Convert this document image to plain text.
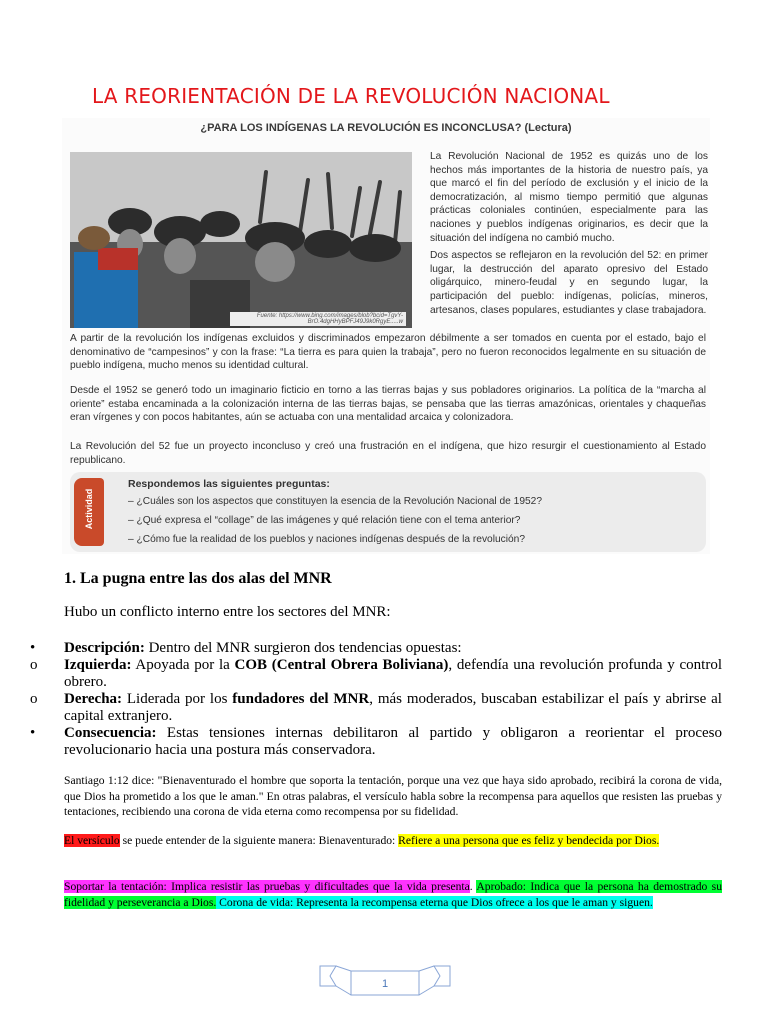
LA REORIENTACIÓN DE LA REVOLUCIÓN NACIONAL
¿PARA LOS INDÍGENAS LA REVOLUCIÓN ES INCONCLUSA? (Lectura)
Fuente: https://www.bing.com/images/blob?bcid=TgvY-BrO.4dgHHyBPFJ49J9k0RgyE.....w

La Revolución Nacional de 1952 es quizás uno de los hechos más importantes de la historia de nuestro país, ya que marcó el fin del período de exclusión y el inicio de la democratización, al mismo tiempo permitió que algunas prácticas coloniales continúen, especialmente para las naciones y pueblos indígenas originarios, es decir que la situación del indígena no cambió mucho.

Dos aspectos se reflejaron en la revolución del 52: en primer lugar, la destrucción del aparato opresivo del Estado oligárquico, minero-feudal y en segundo lugar, la participación del pueblo: indígenas, policías, mineros, artesanos, clases populares, estudiantes y clase trabajadora.

A partir de la revolución los indígenas excluidos y discriminados empezaron débilmente a ser tomados en cuenta por el estado, bajo el denominativo de “campesinos” y con la frase: “La tierra es para quien la trabaja”, pero no fueron reconocidos legalmente en su situación de pueblo indígena, mucho menos su identidad cultural.
Desde el 1952 se generó todo un imaginario ficticio en torno a las tierras bajas y sus pobladores originarios. La política de la “marcha al oriente” estaba encaminada a la colonización interna de las tierras bajas, se pensaba que las tierras amazónicas, orientales y chaqueñas eran vírgenes y con pocos habitantes, aún se actuaba con una mentalidad arcaica y colonizadora.
La Revolución del 52 fue un proyecto inconcluso y creó una frustración en el indígena, que hizo resurgir el cuestionamiento al Estado republicano.
Actividad
Respondemos las siguientes preguntas:
– ¿Cuáles son los aspectos que constituyen la esencia de la Revolución Nacional de 1952?
– ¿Qué expresa el “collage” de las imágenes y qué relación tiene con el tema anterior?
– ¿Cómo fue la realidad de los pueblos y naciones indígenas después de la revolución?
1. La pugna entre las dos alas del MNR
Hubo un conflicto interno entre los sectores del MNR:
• Descripción: Dentro del MNR surgieron dos tendencias opuestas:
o Izquierda: Apoyada por la COB (Central Obrera Boliviana), defendía una revolución profunda y control obrero.
o Derecha: Liderada por los fundadores del MNR, más moderados, buscaban estabilizar el país y abrirse al capital extranjero.
• Consecuencia: Estas tensiones internas debilitaron al partido y obligaron a reorientar el proceso revolucionario hacia una postura más conservadora.
Santiago 1:12 dice: "Bienaventurado el hombre que soporta la tentación, porque una vez que haya sido aprobado, recibirá la corona de vida, que Dios ha prometido a los que le aman." En otras palabras, el versículo habla sobre la recompensa para aquellos que resisten las pruebas y tentaciones, recibiendo una corona de vida eterna como recompensa por su fidelidad.
El versículo se puede entender de la siguiente manera: Bienaventurado: Refiere a una persona que es feliz y bendecida por Dios.
Soportar la tentación: Implica resistir las pruebas y dificultades que la vida presenta. Aprobado: Indica que la persona ha demostrado su fidelidad y perseverancia a Dios. Corona de vida: Representa la recompensa eterna que Dios ofrece a los que le aman y siguen.
1
